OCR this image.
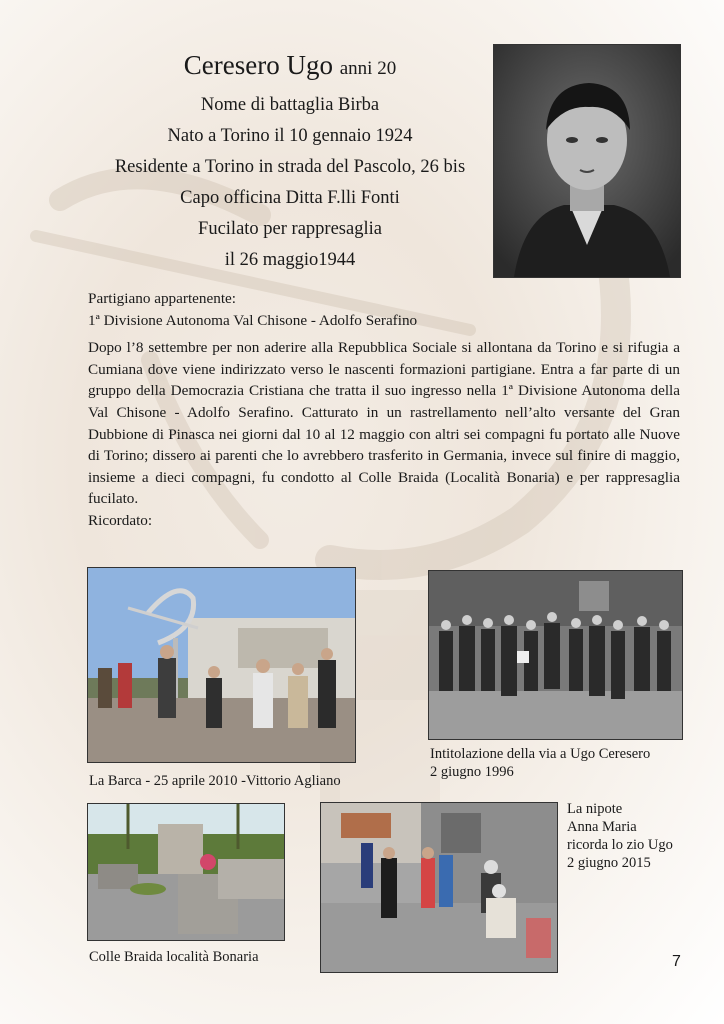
Ceresero Ugo anni 20
Nome di battaglia Birba
Nato a Torino il 10 gennaio 1924
Residente a Torino in strada del Pascolo, 26 bis
Capo officina Ditta F.lli Fonti
Fucilato per rappresaglia
il 26 maggio1944

Partigiano appartenente:

1ª Divisione Autonoma Val Chisone - Adolfo Serafino

Dopo l’8 settembre per non aderire alla Repubblica Sociale si allontana da Torino e si rifugia a Cumiana dove viene indirizzato verso le nascenti formazioni partigiane. Entra a far parte di un gruppo della Democrazia Cristiana che tratta il suo ingresso nella 1ª Divisione Autonoma della Val Chisone - Adolfo Serafino. Catturato in un rastrellamento nell’alto versante del Gran Dubbione di Pinasca nei giorni dal 10 al 12 maggio con altri sei compagni fu portato alle Nuove di Torino; dissero ai parenti che lo avrebbero trasferito in Germania, invece sul finire di maggio, insieme a dieci compagni, fu condotto al Colle Braida (Località Bonaria) e per rappresaglia fucilato.

Ricordato:

La Barca - 25 aprile 2010 -Vittorio Agliano
Intitolazione della via a Ugo Ceresero
2 giugno 1996
Colle Braida località Bonaria
La nipote
Anna Maria
ricorda lo zio Ugo
2 giugno 2015
7
